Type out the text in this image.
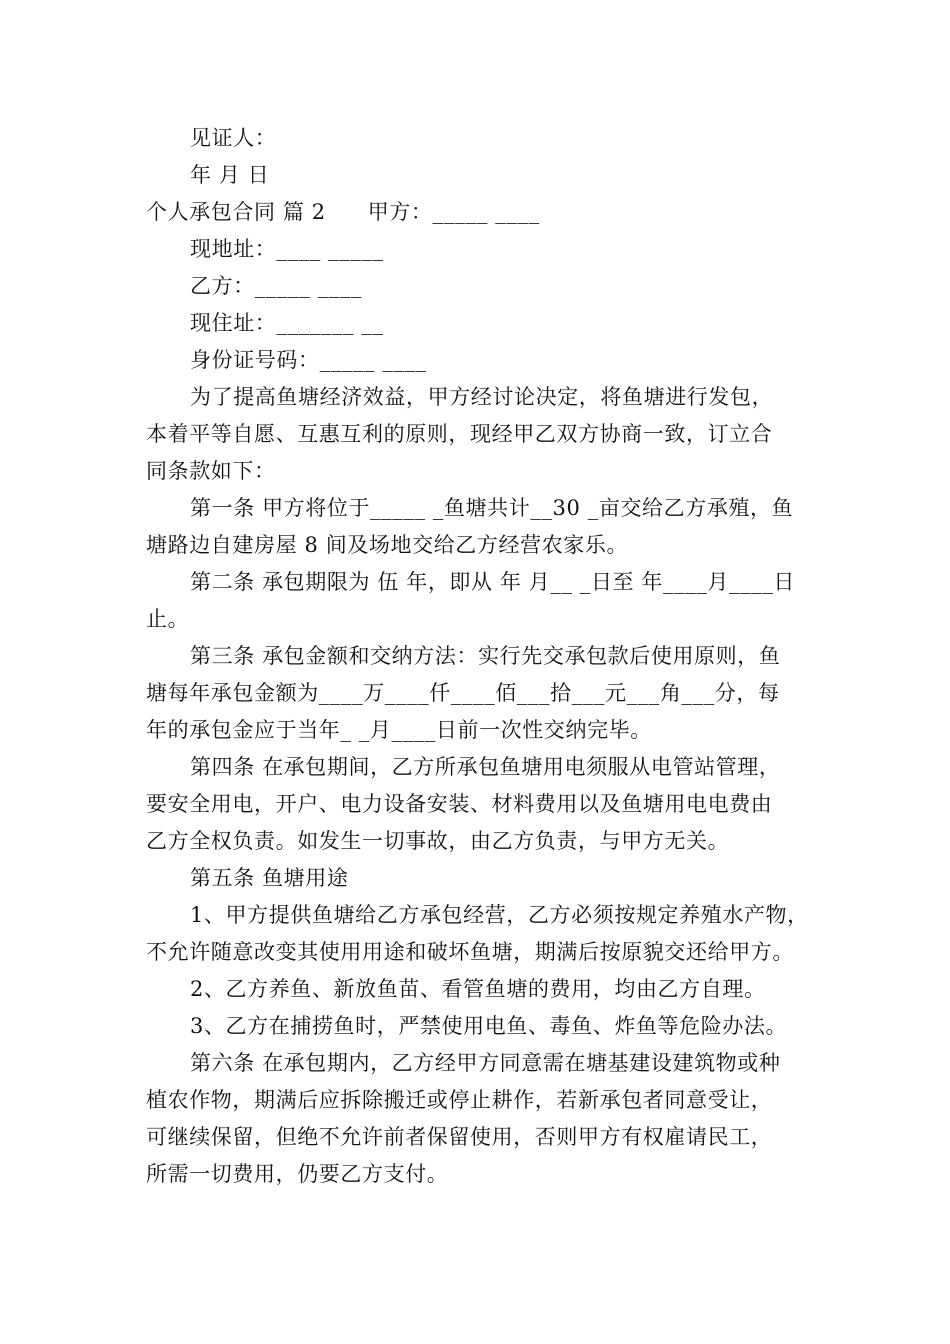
见证人：
年 月 日
个人承包合同 篇 2 甲方：_____ ____
现地址：____ _____
乙方：_____ ____
现住址：_______ __
身份证号码：_____ ____
为了提高鱼塘经济效益，甲方经讨论决定，将鱼塘进行发包，
本着平等自愿、互惠互利的原则，现经甲乙双方协商一致，订立合
同条款如下：
第一条 甲方将位于_____ _鱼塘共计__30 _亩交给乙方承殖，鱼
塘路边自建房屋 8 间及场地交给乙方经营农家乐。
第二条 承包期限为 伍 年，即从 年 月__ _日至 年____月____日
止。
第三条 承包金额和交纳方法：实行先交承包款后使用原则，鱼
塘每年承包金额为____万____仟____佰___拾___元___角___分，每
年的承包金应于当年_ _月____日前一次性交纳完毕。
第四条 在承包期间，乙方所承包鱼塘用电须服从电管站管理，
要安全用电，开户、电力设备安装、材料费用以及鱼塘用电电费由
乙方全权负责。如发生一切事故，由乙方负责，与甲方无关。
第五条 鱼塘用途
1、甲方提供鱼塘给乙方承包经营，乙方必须按规定养殖水产物，
不允许随意改变其使用用途和破坏鱼塘，期满后按原貌交还给甲方。
2、乙方养鱼、新放鱼苗、看管鱼塘的费用，均由乙方自理。
3、乙方在捕捞鱼时，严禁使用电鱼、毒鱼、炸鱼等危险办法。
第六条 在承包期内，乙方经甲方同意需在塘基建设建筑物或种
植农作物，期满后应拆除搬迁或停止耕作，若新承包者同意受让，
可继续保留，但绝不允许前者保留使用，否则甲方有权雇请民工，
所需一切费用，仍要乙方支付。
